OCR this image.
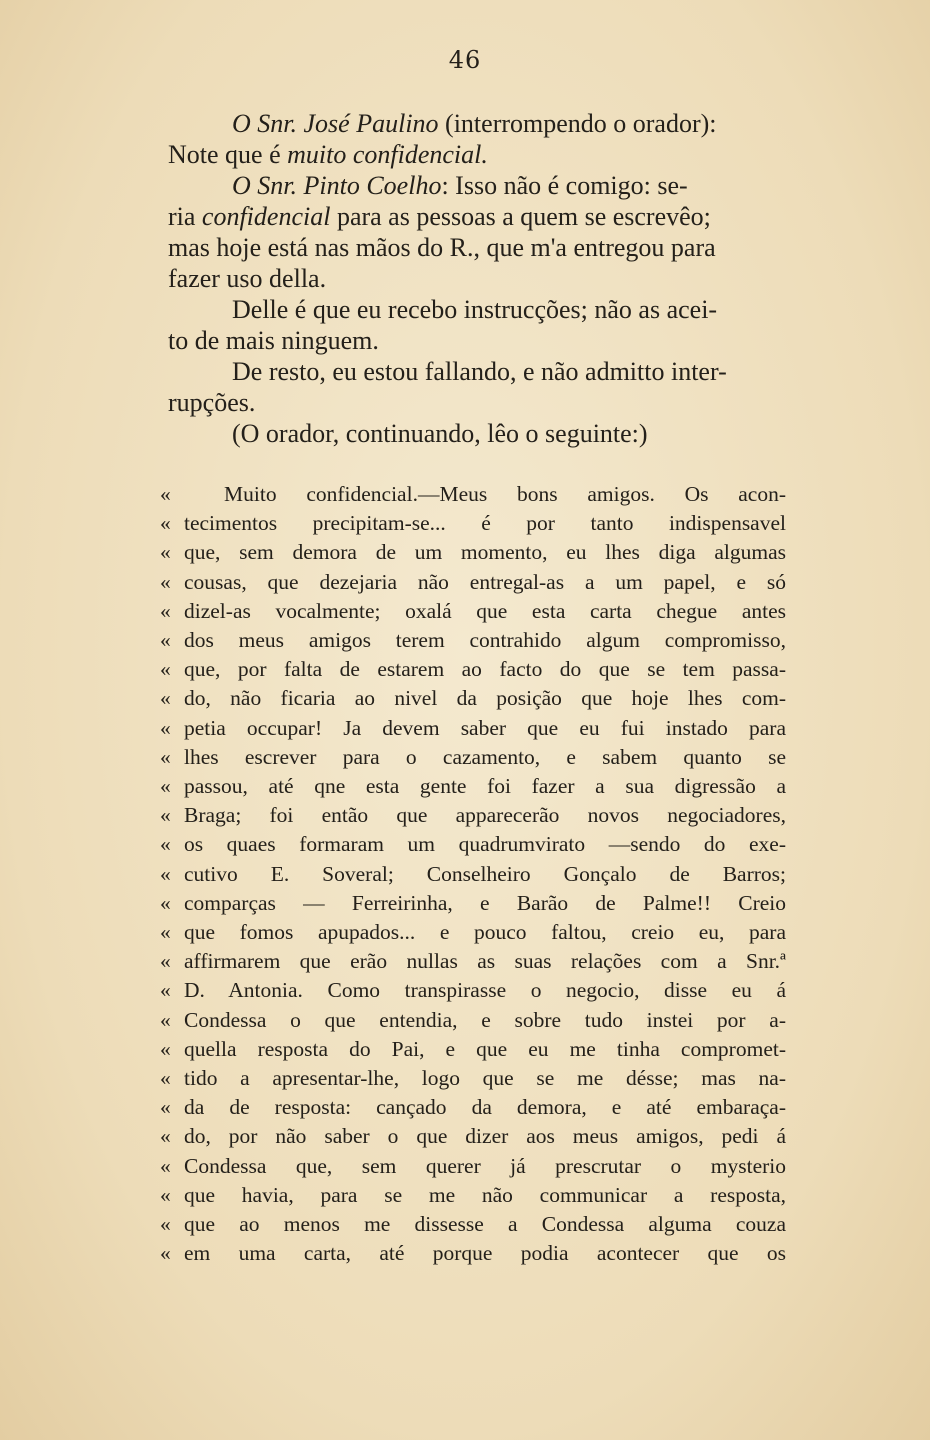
46

O Snr. José Paulino (interrompendo o orador):

Note que é muito confidencial.

O Snr. Pinto Coelho: Isso não é comigo: se-

ria confidencial para as pessoas a quem se escrevêo;

mas hoje está nas mãos do R., que m'a entregou para

fazer uso della.

Delle é que eu recebo instrucções; não as acei-

to de mais ninguem.

De resto, eu estou fallando, e não admitto inter-

rupções.

(O orador, continuando, lêo o seguinte:)

«	Muito confidencial.—Meus bons amigos. Os acon-
« tecimentos precipitam-se... é por tanto indispensavel
« que, sem demora de um momento, eu lhes diga algumas
« cousas, que dezejaria não entregal-as a um papel, e só
« dizel-as vocalmente; oxalá que esta carta chegue antes
« dos meus amigos terem contrahido algum compromisso,
« que, por falta de estarem ao facto do que se tem passa-
« do, não ficaria ao nivel da posição que hoje lhes com-
« petia occupar! Ja devem saber que eu fui instado para
« lhes escrever para o cazamento, e sabem quanto se
« passou, até qne esta gente foi fazer a sua digressão a
« Braga; foi então que apparecerão novos negociadores,
« os quaes formaram um quadrumvirato —sendo do exe-
« cutivo E. Soveral; Conselheiro Gonçalo de Barros;
« comparças — Ferreirinha, e Barão de Palme!! Creio
« que fomos apupados... e pouco faltou, creio eu, para
« affirmarem que erão nullas as suas relações com a Snr.ª
« D. Antonia. Como transpirasse o negocio, disse eu á
« Condessa o que entendia, e sobre tudo instei por a-
« quella resposta do Pai, e que eu me tinha compromet-
« tido a apresentar-lhe, logo que se me désse; mas na-
« da de resposta: cançado da demora, e até embaraça-
« do, por não saber o que dizer aos meus amigos, pedi á
« Condessa que, sem querer já prescrutar o mysterio
« que havia, para se me não communicar a resposta,
« que ao menos me dissesse a Condessa alguma couza
« em uma carta, até porque podia acontecer que os
